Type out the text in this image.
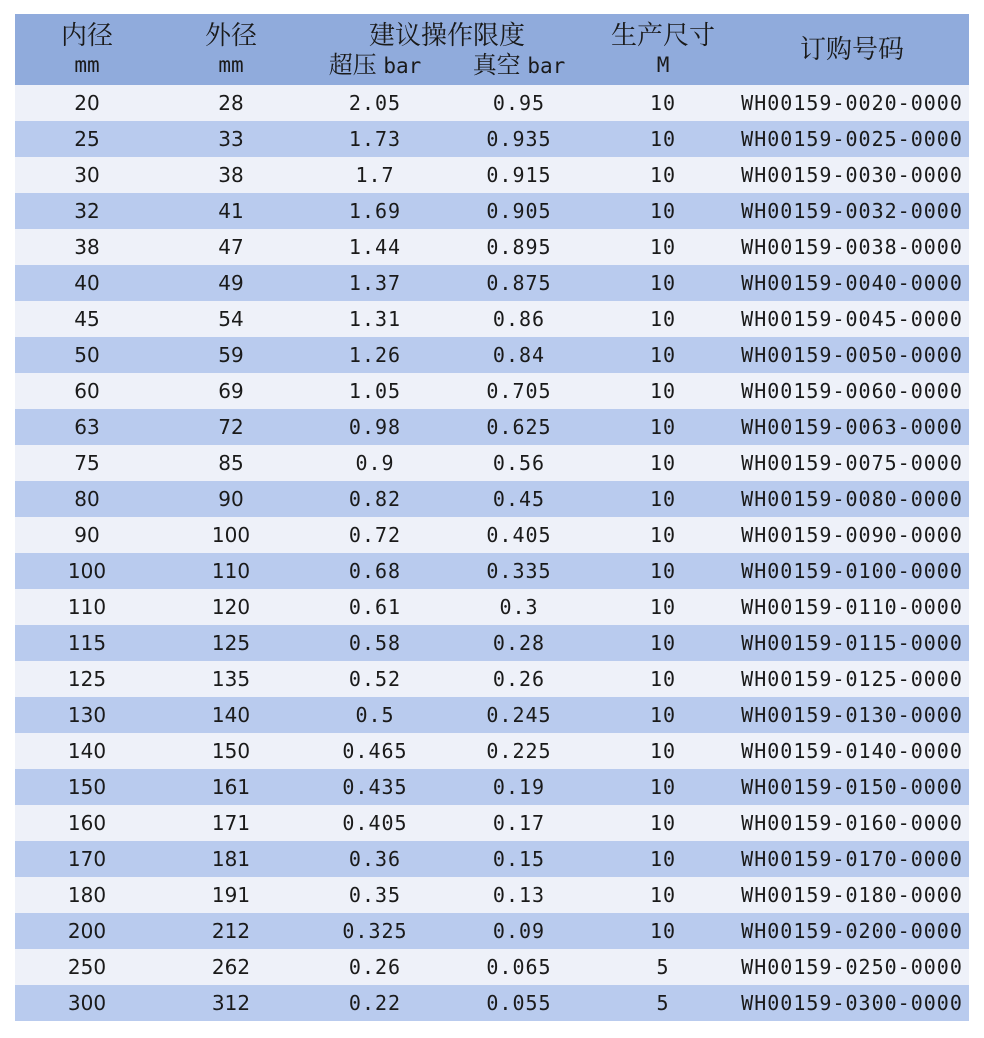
内径	外径	建议操作限度		生产尺寸	订购号码
mm	mm	超压 bar	真空 bar	M	
20	28	2.05	0.95	10	WH00159-0020-0000
25	33	1.73	0.935	10	WH00159-0025-0000
30	38	1.7	0.915	10	WH00159-0030-0000
32	41	1.69	0.905	10	WH00159-0032-0000
38	47	1.44	0.895	10	WH00159-0038-0000
40	49	1.37	0.875	10	WH00159-0040-0000
45	54	1.31	0.86	10	WH00159-0045-0000
50	59	1.26	0.84	10	WH00159-0050-0000
60	69	1.05	0.705	10	WH00159-0060-0000
63	72	0.98	0.625	10	WH00159-0063-0000
75	85	0.9	0.56	10	WH00159-0075-0000
80	90	0.82	0.45	10	WH00159-0080-0000
90	100	0.72	0.405	10	WH00159-0090-0000
100	110	0.68	0.335	10	WH00159-0100-0000
110	120	0.61	0.3	10	WH00159-0110-0000
115	125	0.58	0.28	10	WH00159-0115-0000
125	135	0.52	0.26	10	WH00159-0125-0000
130	140	0.5	0.245	10	WH00159-0130-0000
140	150	0.465	0.225	10	WH00159-0140-0000
150	161	0.435	0.19	10	WH00159-0150-0000
160	171	0.405	0.17	10	WH00159-0160-0000
170	181	0.36	0.15	10	WH00159-0170-0000
180	191	0.35	0.13	10	WH00159-0180-0000
200	212	0.325	0.09	10	WH00159-0200-0000
250	262	0.26	0.065	5	WH00159-0250-0000
300	312	0.22	0.055	5	WH00159-0300-0000
